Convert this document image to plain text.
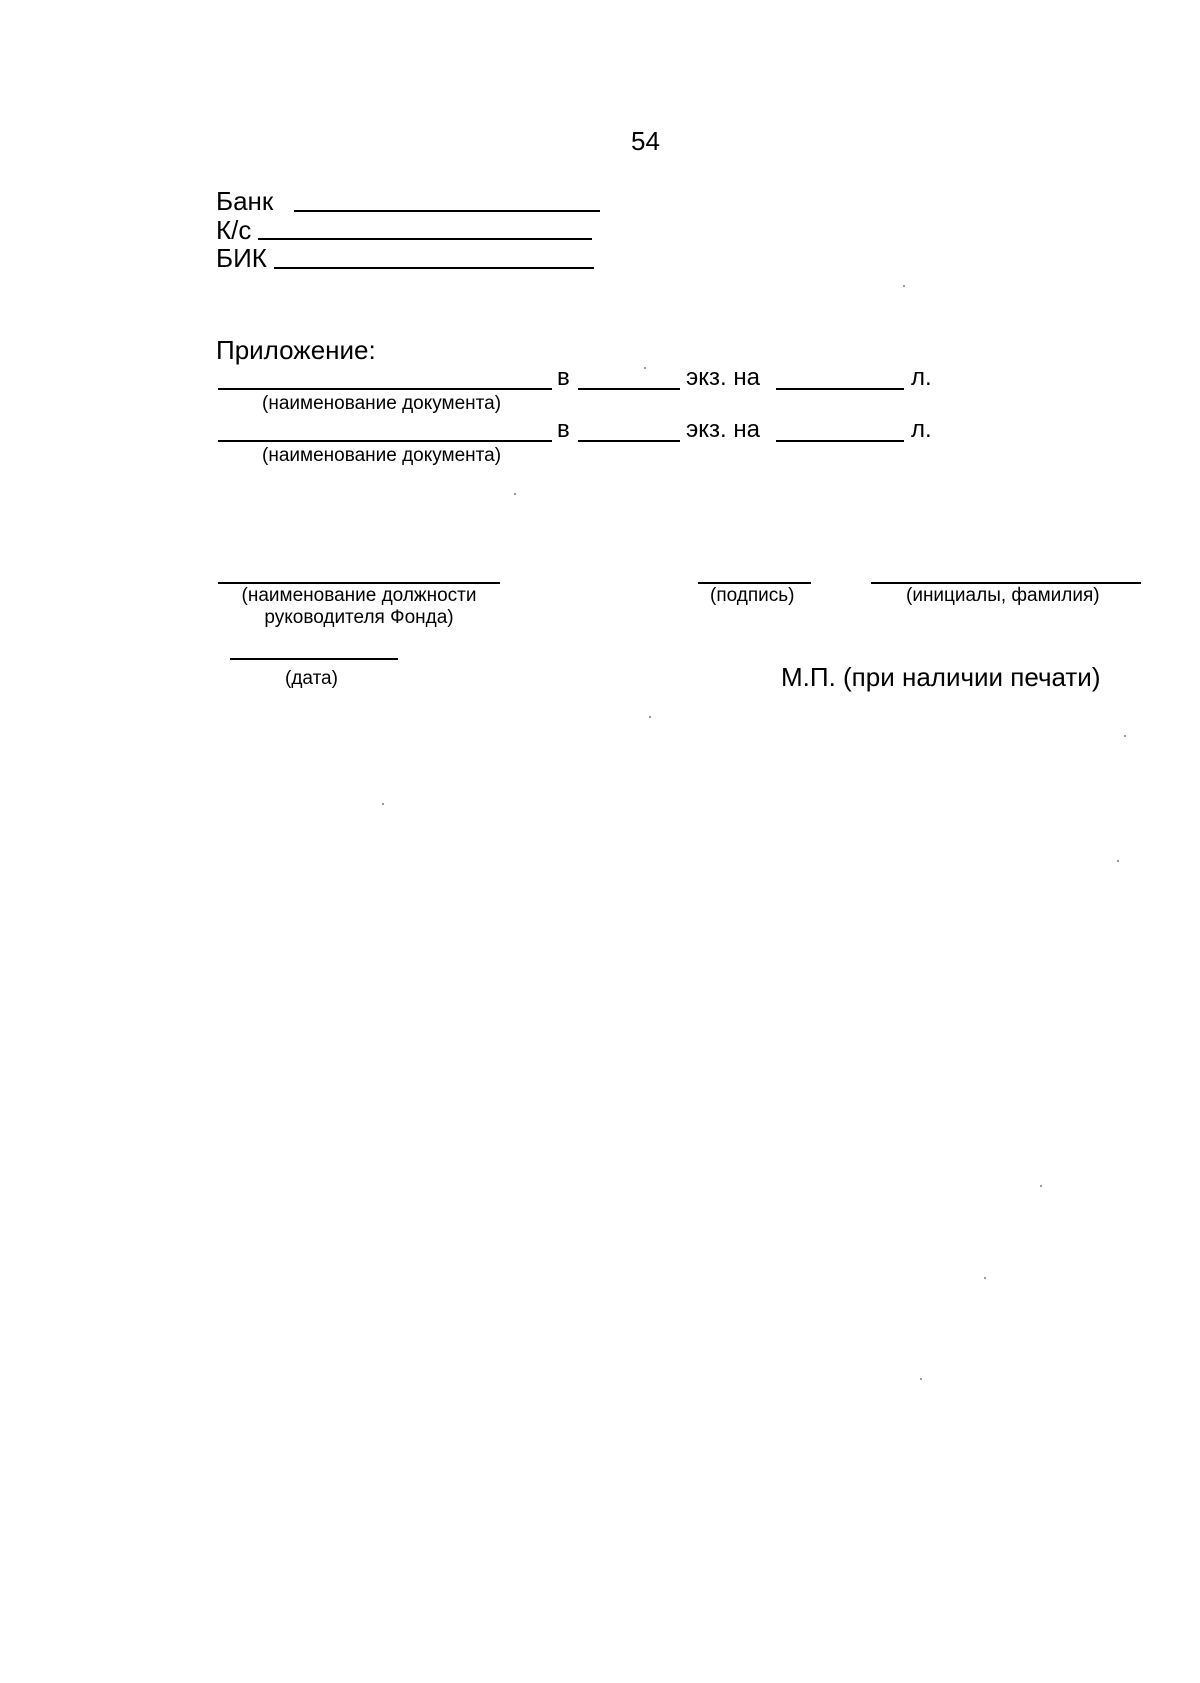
54
Банк
К/с
БИК
Приложение:
в	экз. на	л.
(наименование документа)
в	экз. на	л.
(наименование документа)
(наименование должности
руководителя Фонда)
(подпись)	(инициалы, фамилия)
(дата)	М.П. (при наличии печати)
